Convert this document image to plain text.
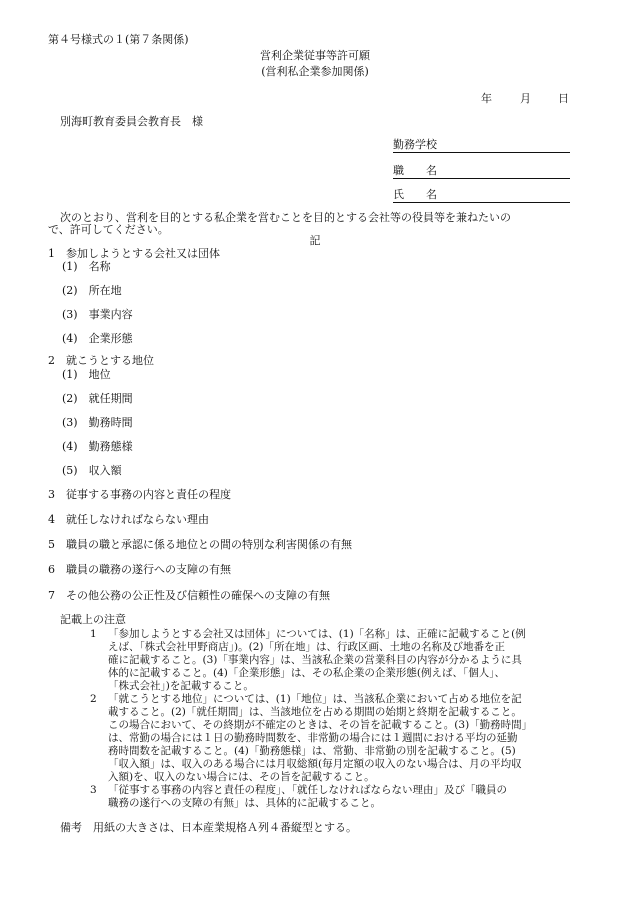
第４号様式の１(第７条関係)
営利企業従事等許可願
(営利私企業参加関係)
年	月 日
別海町教育委員会教育長　様
勤務学校
職　　名
氏　　名
次のとおり、営利を目的とする私企業を営むことを目的とする会社等の役員等を兼ねたいの
で、許可してください。
記
1　参加しようとする会社又は団体
(1)　名称
(2)　所在地
(3)　事業内容
(4)　企業形態
2　就こうとする地位
(1)　地位
(2)　就任期間
(3)　勤務時間
(4)　勤務態様
(5)　収入額
3　従事する事務の内容と責任の程度
4　就任しなければならない理由
5　職員の職と承認に係る地位との間の特別な利害関係の有無
6　職員の職務の遂行への支障の有無
7　その他公務の公正性及び信頼性の確保への支障の有無
記載上の注意
1 「参加しようとする会社又は団体」については、(1)「名称」は、正確に記載すること(例
えば、「株式会社甲野商店」)。(2)「所在地」は、行政区画、土地の名称及び地番を正
確に記載すること。(3)「事業内容」は、当該私企業の営業科目の内容が分かるように具
体的に記載すること。(4)「企業形態」は、その私企業の企業形態(例えば、「個人」、
「株式会社」)を記載すること。
2 「就こうとする地位」については、(1)「地位」は、当該私企業において占める地位を記
載すること。(2)「就任期間」は、当該地位を占める期間の始期と終期を記載すること。
この場合において、その終期が不確定のときは、その旨を記載すること。(3)「勤務時間」
は、常勤の場合には１日の勤務時間数を、非常勤の場合には１週間における平均の延勤
務時間数を記載すること。(4)「勤務態様」は、常勤、非常勤の別を記載すること。(5)
「収入額」は、収入のある場合には月収総額(毎月定額の収入のない場合は、月の平均収
入額)を、収入のない場合には、その旨を記載すること。
3 「従事する事務の内容と責任の程度」、「就任しなければならない理由」及び「職員の
職務の遂行への支障の有無」は、具体的に記載すること。
備考　用紙の大きさは、日本産業規格Ａ列４番縦型とする。
